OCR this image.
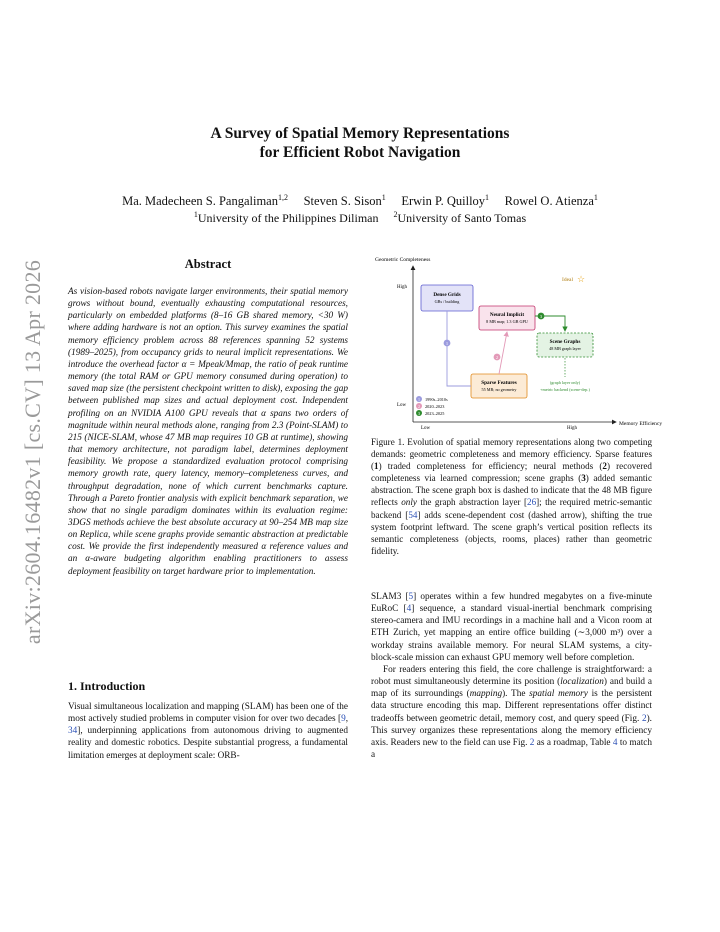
arXiv:2604.16482v1 [cs.CV] 13 Apr 2026
A Survey of Spatial Memory Representations
for Efficient Robot Navigation
Ma. Madecheen S. Pangaliman$^{1,2}$ Steven S. Sison$^1$ Erwin P. Quilloy$^1$ Rowel O. Atienza$^1$
$^1$University of the Philippines Diliman $^2$University of Santo Tomas
Abstract
As vision-based robots navigate larger environments, their spatial memory grows without bound, eventually exhausting computational resources, particularly on embedded platforms (8–16 GB shared memory, <30 W) where adding hardware is not an option. This survey examines the spatial memory efficiency problem across 88 references spanning 52 systems (1989–2025), from occupancy grids to neural implicit representations. We introduce the overhead factor α = Mpeak/Mmap, the ratio of peak runtime memory (the total RAM or GPU memory consumed during operation) to saved map size (the persistent checkpoint written to disk), exposing the gap between published map sizes and actual deployment cost. Independent profiling on an NVIDIA A100 GPU reveals that α spans two orders of magnitude within neural methods alone, ranging from 2.3 (Point-SLAM) to 215 (NICE-SLAM, whose 47 MB map requires 10 GB at runtime), showing that memory architecture, not paradigm label, determines deployment feasibility. We propose a standardized evaluation protocol comprising memory growth rate, query latency, memory–completeness curves, and throughput degradation, none of which current benchmarks capture. Through a Pareto frontier analysis with explicit benchmark separation, we show that no single paradigm dominates within its evaluation regime: 3DGS methods achieve the best absolute accuracy at 90–254 MB map size on Replica, while scene graphs provide semantic abstraction at predictable cost. We provide the first independently measured α reference values and an α-aware budgeting algorithm enabling practitioners to assess deployment feasibility on target hardware prior to implementation.
1. Introduction
Visual simultaneous localization and mapping (SLAM) has been one of the most actively studied problems in computer vision for over two decades [9, 34], underpinning applications from autonomous driving to augmented reality and domestic robotics. Despite substantial progress, a fundamental limitation emerges at deployment scale: ORB-
Geometric Completeness
Memory Efficiency
High
Low
Low	High
Ideal ☆
Dense Grids
GBs / building
Neural Implicit
8 MB map; 1.3 GB GPU
Scene Graphs
48 MB graph layer
(graph layer only)
+metric backend (scene-dep.)
Sparse Features
55 MB; no geometry
1
2
3
1 1990s–2010s
2 2020–2023
3 2023–2025
Figure 1. Evolution of spatial memory representations along two competing demands: geometric completeness and memory efficiency. Sparse features (1) traded completeness for efficiency; neural methods (2) recovered completeness via learned compression; scene graphs (3) added semantic abstraction. The scene graph box is dashed to indicate that the 48 MB figure reflects only the graph abstraction layer [26]; the required metric-semantic backend [54] adds scene-dependent cost (dashed arrow), shifting the true system footprint leftward. The scene graph’s vertical position reflects its semantic completeness (objects, rooms, places) rather than geometric fidelity.
SLAM3 [5] operates within a few hundred megabytes on a five-minute EuRoC [4] sequence, a standard visual-inertial benchmark comprising stereo-camera and IMU recordings in a machine hall and a Vicon room at ETH Zurich, yet mapping an entire office building (∼3,000 m³) over a workday strains available memory. For neural SLAM systems, a city-block-scale mission can exhaust GPU memory well before completion.
For readers entering this field, the core challenge is straightforward: a robot must simultaneously determine its position (localization) and build a map of its surroundings (mapping). The spatial memory is the persistent data structure encoding this map. Different representations offer distinct tradeoffs between geometric detail, memory cost, and query speed (Fig. 2). This survey organizes these representations along the memory efficiency axis. Readers new to the field can use Fig. 2 as a roadmap, Table 4 to match a
